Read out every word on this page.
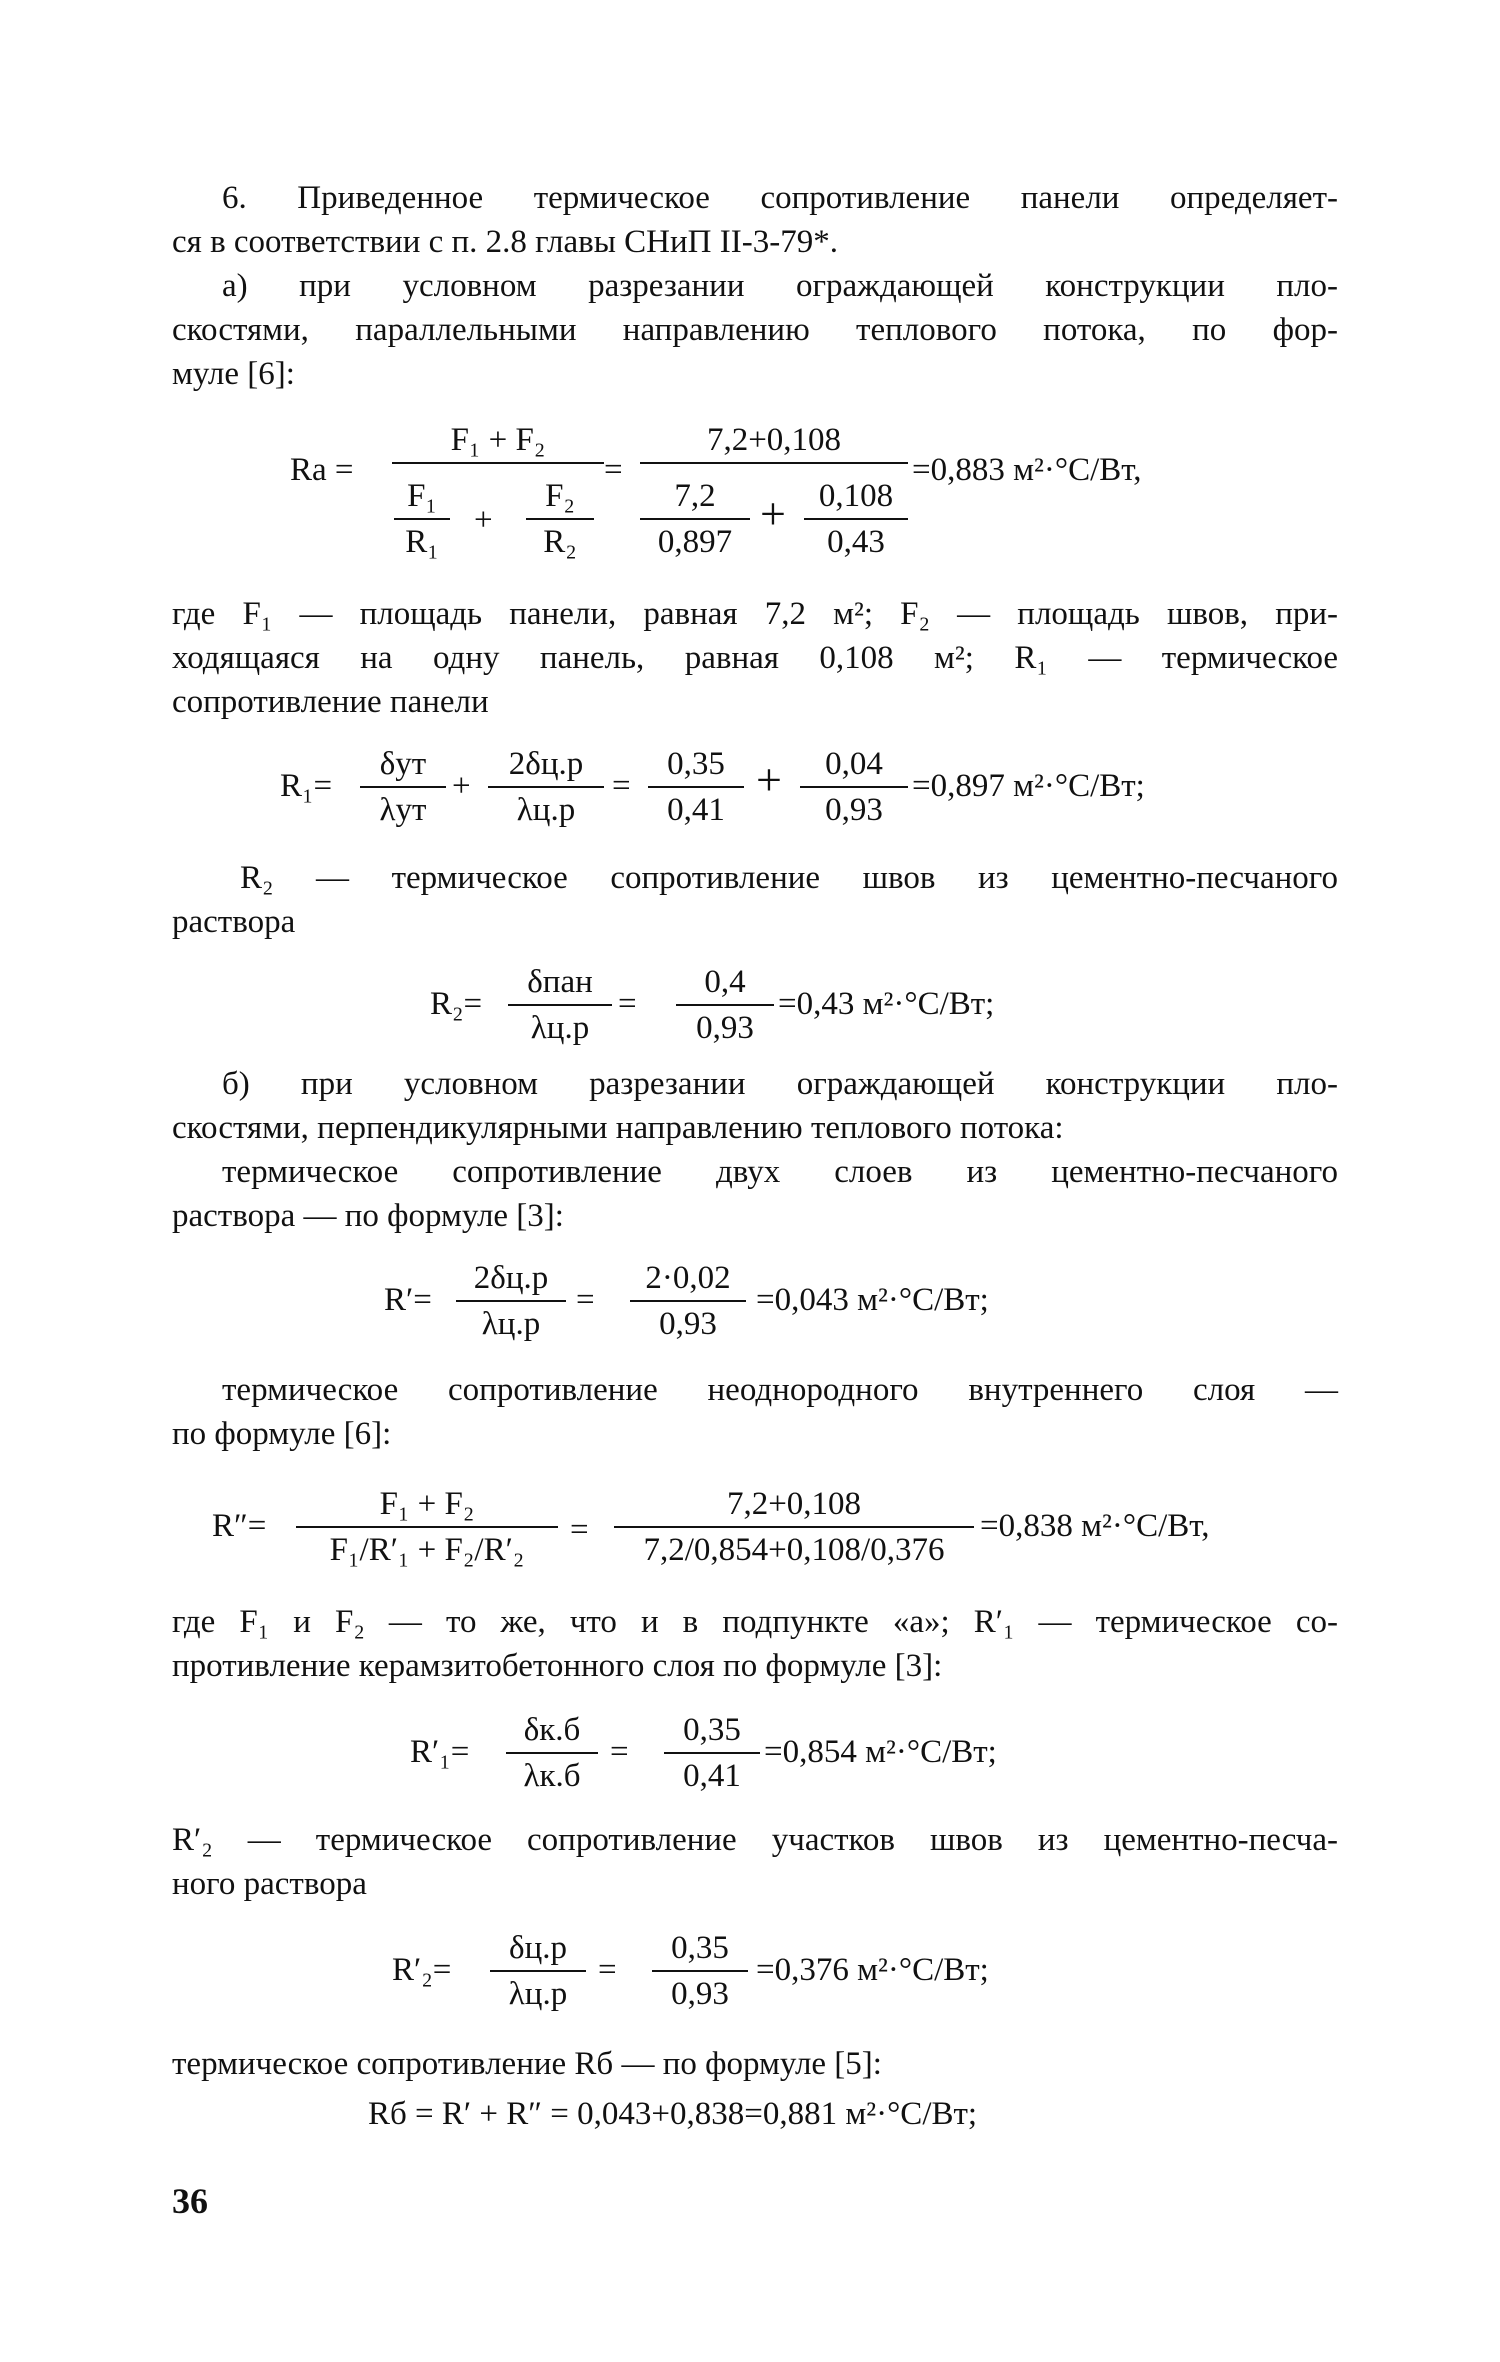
6. Приведенное термическое сопротивление панели определяет-
ся в соответствии с п. 2.8 главы СНиП II-3-79*.
а) при условном разрезании ограждающей конструкции пло-
скостями, параллельными направлению теплового потока, по фор-
муле [6]:
Rа =
F₁ + F₂
$\frac{\text{F₁}}{\text{R₁}} + \frac{\text{F₂}}{\text{R₂}}$
=
7,2+0,108
$\frac{7,2}{0,897} + \frac{0,108}{0,43}$
=0,883 м²·°C/Вт,
где F₁ — площадь панели, равная 7,2 м²; F₂ — площадь швов, при-
ходящаяся на одну панель, равная 0,108 м²; R₁ — термическое
сопротивление панели
R₁=
δут
λут
+
2δц.р
λц.р
= $\frac{0,35}{0,41} + \frac{0,04}{0,93} =0,897$ м²·°C/Вт;
R₂ — термическое сопротивление швов из цементно-песчаного
раствора
R₂=
δпан
λц.р
= $\frac{0,4}{0,93} =0,43$ м²·°C/Вт;
б) при условном разрезании ограждающей конструкции пло-
скостями, перпендикулярными направлению теплового потока:
термическое сопротивление двух слоев из цементно-песчаного
раствора — по формуле [3]:
R′=
2δц.р
λц.р
= $\frac{2\cdot 0,02}{0,93} =0,043$ м²·°C/Вт;
термическое сопротивление неоднородного внутреннего слоя —
по формуле [6]:
$R''= \frac{\text{F₁ + F₂}}{\text{F₁/R′₁ + F₂/R′₂}} = \frac{7,2+0,108}{7,2/0,854+0,108/0,376} =0,838$ м²·°C/Вт,
где F₁ и F₂ — то же, что и в подпункте «а»; R′₁ — термическое со-
противление керамзитобетонного слоя по формуле [3]:
R′₁=
δк.б
λк.б
= $\frac{0,35}{0,41} =0,854$ м²·°C/Вт;
R′₂ — термическое сопротивление участков швов из цементно-песча-
ного раствора
R′₂=
δц.р
λц.р
= $\frac{0,35}{0,93} =0,376$ м²·°C/Вт;
термическое сопротивление Rб — по формуле [5]:
Rб = R′ + R″ = 0,043+0,838=0,881 м²·°C/Вт;
36
